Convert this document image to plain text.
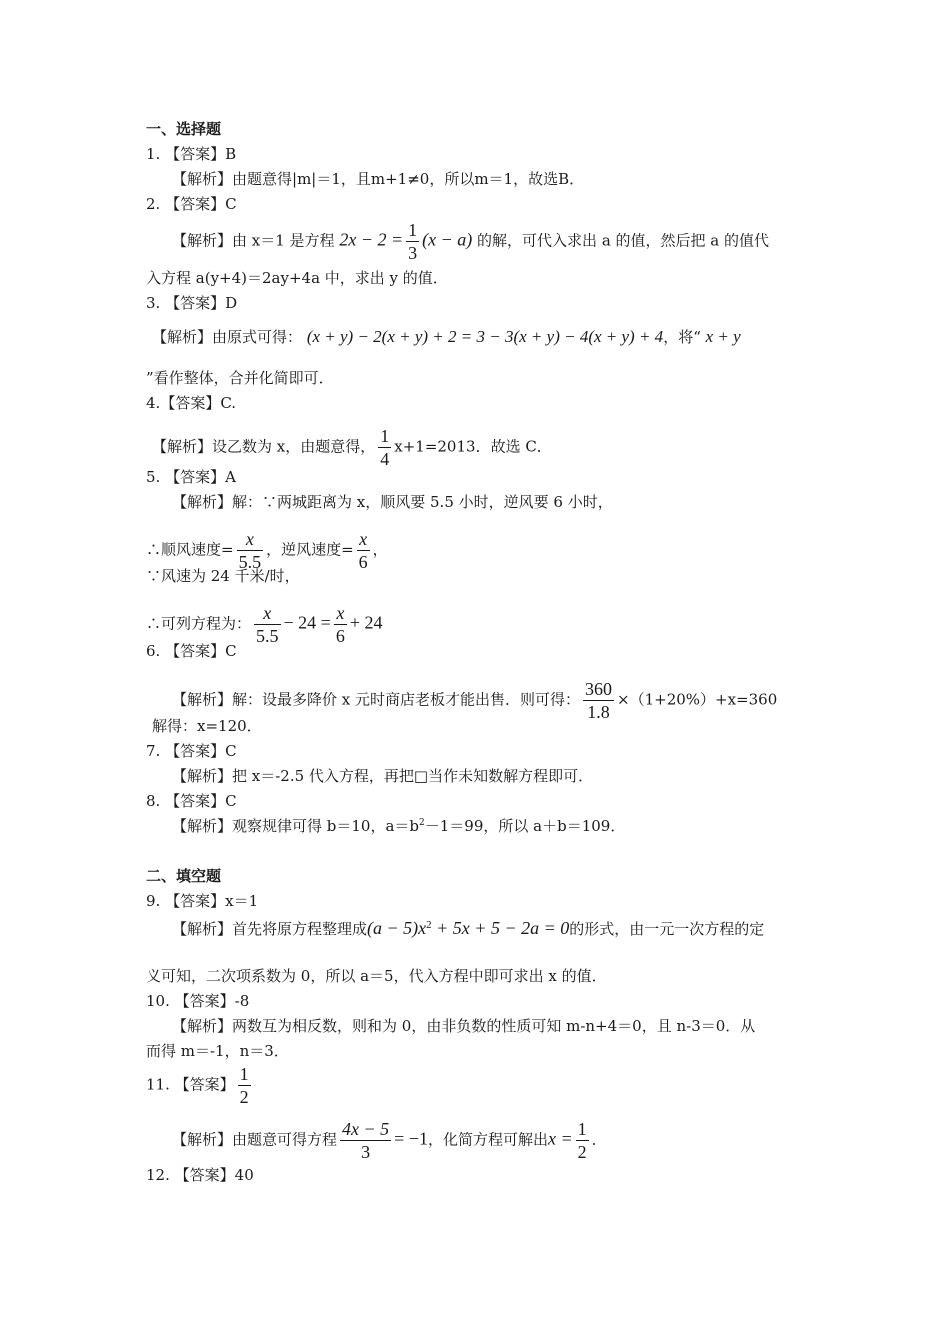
一、选择题
1. 【答案】B
【解析】由题意得|m|＝1，且m+1≠0，所以m＝1，故选B．
2. 【答案】C
【解析】由 x＝1 是方程 $2x - 2 = \frac{1}{3} (x - a)$ 的解，可代入求出 a 的值，然后把 a 的值代
入方程 a(y+4)＝2ay+4a 中，求出 y 的值．
3. 【答案】D
【解析】由原式可得： (x + y) − 2(x + y) + 2 = 3 − 3(x + y) − 4(x + y) + 4，将“ x + y
”看作整体，合并化简即可．
4.【答案】C.
【解析】设乙数为 x，由题意得， $\frac{1}{4} x+1=2013$．故选 C．
5. 【答案】A
【解析】解：∵两城距离为 x，顺风要 5.5 小时，逆风要 6 小时，
∴顺风速度= $\frac{x}{5.5}$ ，逆风速度= $\frac{x}{6}$ ，
∵风速为 24 千米/时，
∴可列方程为： $\frac{x}{5.5} - 24 = \frac{x}{6} + 24$
6. 【答案】C
【解析】解：设最多降价 x 元时商店老板才能出售．则可得： $\frac{360}{1.8} \times(1+20\%)+x=360$
解得：x=120．
7. 【答案】C
【解析】把 x＝-2.5 代入方程，再把□当作未知数解方程即可．
8. 【答案】C
【解析】观察规律可得 b＝10，$a=b^2-1=99$，所以 a＋b＝109．
二、填空题
9. 【答案】x＝1
【解析】首先将原方程整理成$(a - 5)x^2 + 5x + 5 - 2a = 0$的形式，由一元一次方程的定
义可知，二次项系数为 0，所以 a＝5，代入方程中即可求出 x 的值．
10. 【答案】-8
【解析】两数互为相反数，则和为 0，由非负数的性质可知 m-n+4＝0，且 n-3＝0．从
而得 m＝-1，n＝3．
11. 【答案】 $\frac{1}{2}$
【解析】由题意可得方程 $\frac{4x - 5}{3} = -1$，化简方程可解出$x = \frac{1}{2}$ ．
12. 【答案】40
